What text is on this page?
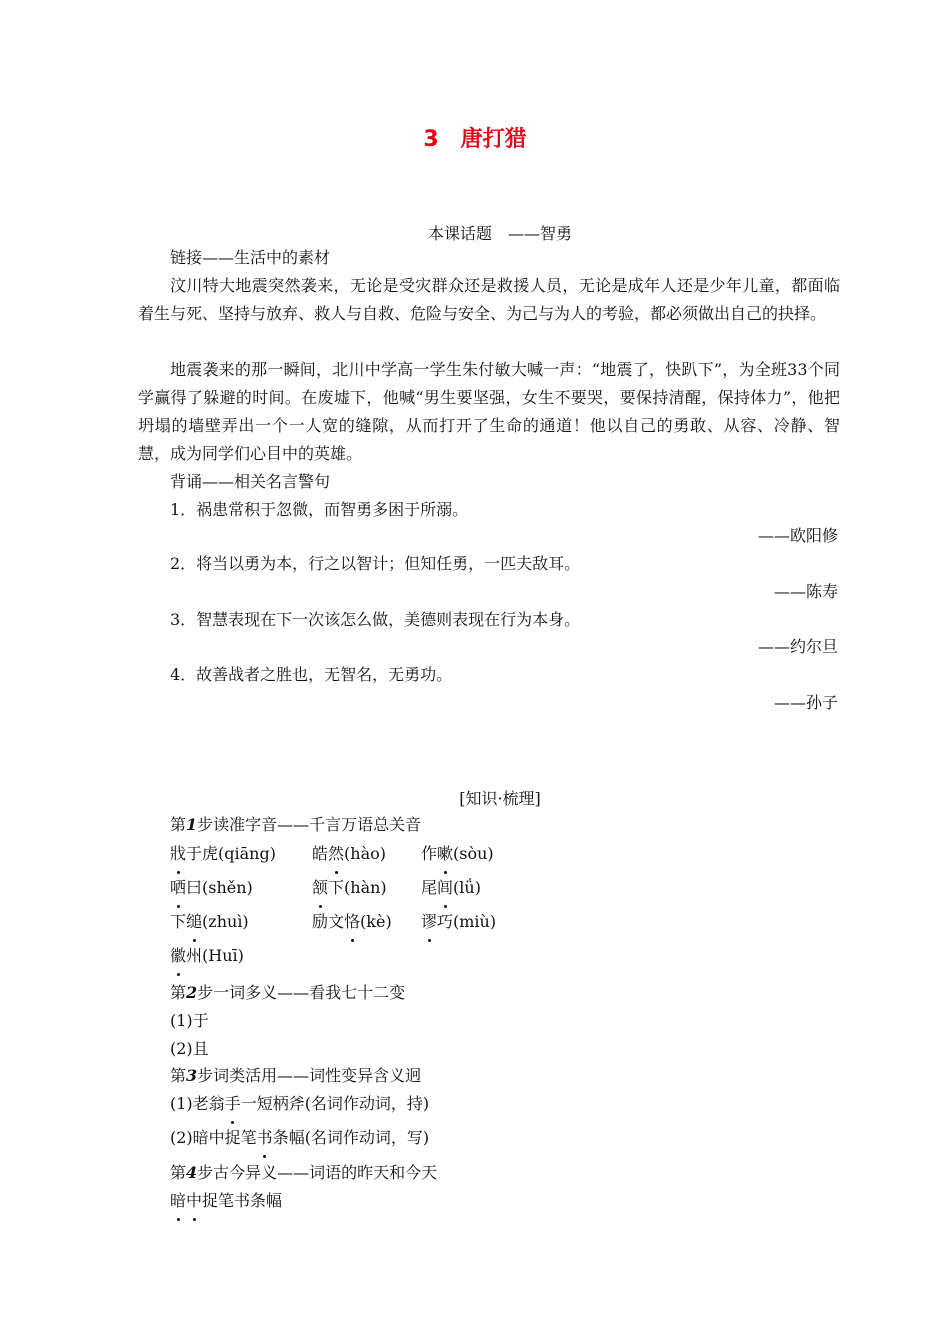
3 唐打猎
本课话题　——智勇
链接——生活中的素材
汶川特大地震突然袭来，无论是受灾群众还是救援人员，无论是成年人还是少年儿童，都面临着生与死、坚持与放弃、救人与自救、危险与安全、为己与为人的考验，都必须做出自己的抉择。
地震袭来的那一瞬间，北川中学高一学生朱付敏大喊一声：“地震了，快趴下”，为全班33个同学赢得了躲避的时间。在废墟下，他喊“男生要坚强，女生不要哭，要保持清醒，保持体力”，他把坍塌的墙壁弄出一个一人宽的缝隙，从而打开了生命的通道！他以自己的勇敢、从容、冷静、智慧，成为同学们心目中的英雄。
背诵——相关名言警句
1．祸患常积于忽微，而智勇多困于所溺。
——欧阳修
2．将当以勇为本，行之以智计；但知任勇，一匹夫敌耳。
——陈寿
3．智慧表现在下一次该怎么做，美德则表现在行为本身。
——约尔旦
4．故善战者之胜也，无智名，无勇功。
——孙子
[知识·梳理]
第1步读准字音——千言万语总关音
戕于虎(qiāng) 皓然(hào) 作嗽(sòu)
哂曰(shěn)	颔下(hàn) 尾闾(lǘ)
下缒(zhuì)	励文恪(kè) 谬巧(miù)
徽州(Huī)
第2步一词多义——看我七十二变
(1)于
(2)且
第3步词类活用——词性变异含义迥
(1)老翁手一短柄斧(名词作动词，持)
(2)暗中捉笔书条幅(名词作动词，写)
第4步古今异义——词语的昨天和今天
暗中捉笔书条幅
